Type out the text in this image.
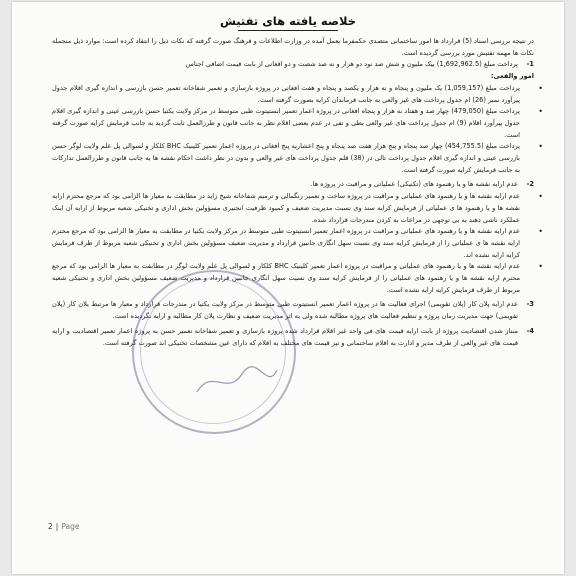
خلاصه یافته های تفتیش

در نتیجه بررسی اسناد (5) قرارداد ها امور ساختمانی متصدی حکمفرما بعمل آمده در وزارت اطلاعات و فرهنگ صورت گرفته که نکات ذیل را انتقاد کرده است: موارد ذیل منجمله نکات ها مهمه تفتیش مورد بررسی گردیده است.

1-
پرداخت مبلغ (1,692,962.5) بیک ملیون و شش صد نود دو هزار و نه صد شصت و دو افغانی از بابت قیمت اضافی اجناس

امور والفعی:

• پرداخت مبلغ (1,059,157) یک ملیون و پنجاه و نه هزار و یکصد و پنجاه و هفت افغانی در پروژه بازسازی و تعمیر شفاخانه تعمیر حسن بازرسی و اندازه گیری اقلام جدول پیرآورد نمبر (26) ام جدول پرداخت های غیر والعی به جانب قرماندان کرایه بصورت گرفته است.

• پرداخت مبلغ (479,050) چهار صد و هفتاد نه هزار و پنجاه افغانی در پروژه اعمار تعمیر انستیتوت طبی متوسط در مرکز ولایت یکتیا حسن بازرسی عینی و اندازه گیری اقلام جدول پیرآورد اقلام (9) ام جدول پرداخت های غیر والعی بطی و تفی در عدم بعضی اقلام نظر به جانب قانون و طرزالعمل ثابت گردید به جانب قرمایش کرایه صورت گرفته است.

• پرداخت مبلغ (454,755.5) چهار صد پنجاه و پنج هزار هفت صد پنجاه و پنج اعشاریه پنج افغانی در پروژه اعمار تعمیر کلینیک BHC کلکار و لسوالی پل علم ولایت لوگر حسن بازرسی عینی و اندازه گیری اقلام جدول پرداخت تالی در (38) قلم جدول پرداخت های غیر والعی و بدون در نظر داشت احکام نقشه ها به جانب قانون و طرزالعمل تدارکات به جانب قرمایش کرایه صورت گرفته است.

2-
عدم ارایه نقشه ها و یا رهنمود های (تکنیکی) عملیاتی و مراقبت در پروژه ها.

• عدم ارایه نقشه ها و یا رهنمود های عملیاتی و مراقبت در پروژه ساخت و تعمیر رنگمالی و ترمیم شفاخانه شیخ زاید در مطابقت به معیار ها الزامی بود که مرجع محترم ارایه نقشه ها و یا رهنمود ها ی عملیاتی از قرمایش کرایه سند وی نسبت مدیریت ضعیف و کمبود ظرفیت انجنیری مسؤولین بخش اداری و تخنیکی شعبه مربوط از ارایه آن اینک عملکرد ناشی دهند به بی توجهی در مراعات به کردن مندرجات قرارداد شده.

• عدم ارایه نقشه ها و یا رهنمود های عملیاتی و مراقبت در پروژه اعمار تعمیر انستیتوت طبی متوسط در مرکز ولایت یکتیا در مطابقت به معیار ها الزامی بود که مرجع محترم ارایه نقشه ها ی عملیاتی را از قرمایش کرایه سند وی نسبت سهل انگاری جانبین قرارداد و مدیریت ضعیف مسؤولین بخش اداری و تخنیکی شعبه مربوط از ظرف قرمایش کرایه ارایه نشده اند.

• عدم ارایه نقشه ها و یا رهنمود های عملیاتی و مراقبت در پروژه اعمار تعمیر کلینیک BHC کلکار و لسوالی پل علم ولایت لوگر در مطابقت به معیار ها الزامی بود که مرجع محترم ارایه نقشه ها و یا رهنمود های عملیاتی را از قرمایش کرایه سند وی نسبت سهل انگاری جانبین قرارداد و مدیریت ضعیف مسؤولین بخش اداری و تخنیکی شعبه مربوط از طرف قرمایش کرایه ارایه نشده است.

3-
عدم ارایه پلان کار (پلان تقویمی) اجرای فعالیت ها در پروژه اعمار تعمیر انستیتوت طبی متوسط در مرکز ولایت یکتیا در مندرجات قرارداد و معیار ها مرتبط پلان کار (پلان تقویمی) جهت مدیریت زمان پروژه و تنظیم فعالیت های پروژه مطالبه شده ولی به اثر مدیریت ضعیف و نظارت پلان کار مطالبه و ارایه نگردیده است.

4-
منتاز شدن اقتصادیت پروژه از بابت ارایه قیمت های فی واحد غیر اقلام قرارداد شده پروژه بازسازی و تعمیر شفاخانه تعمیر حسن به پروژه اعمار تعمیر اقتصادیت و ارایه قیمت های غیر والعی از طرف مدیر و ادارت به اقلام ساختمانی و نیز قیمت های مختلف به اقلام که دارای عین مشخصات تخنیکی اند صورت گرفته است.

2 | Page
